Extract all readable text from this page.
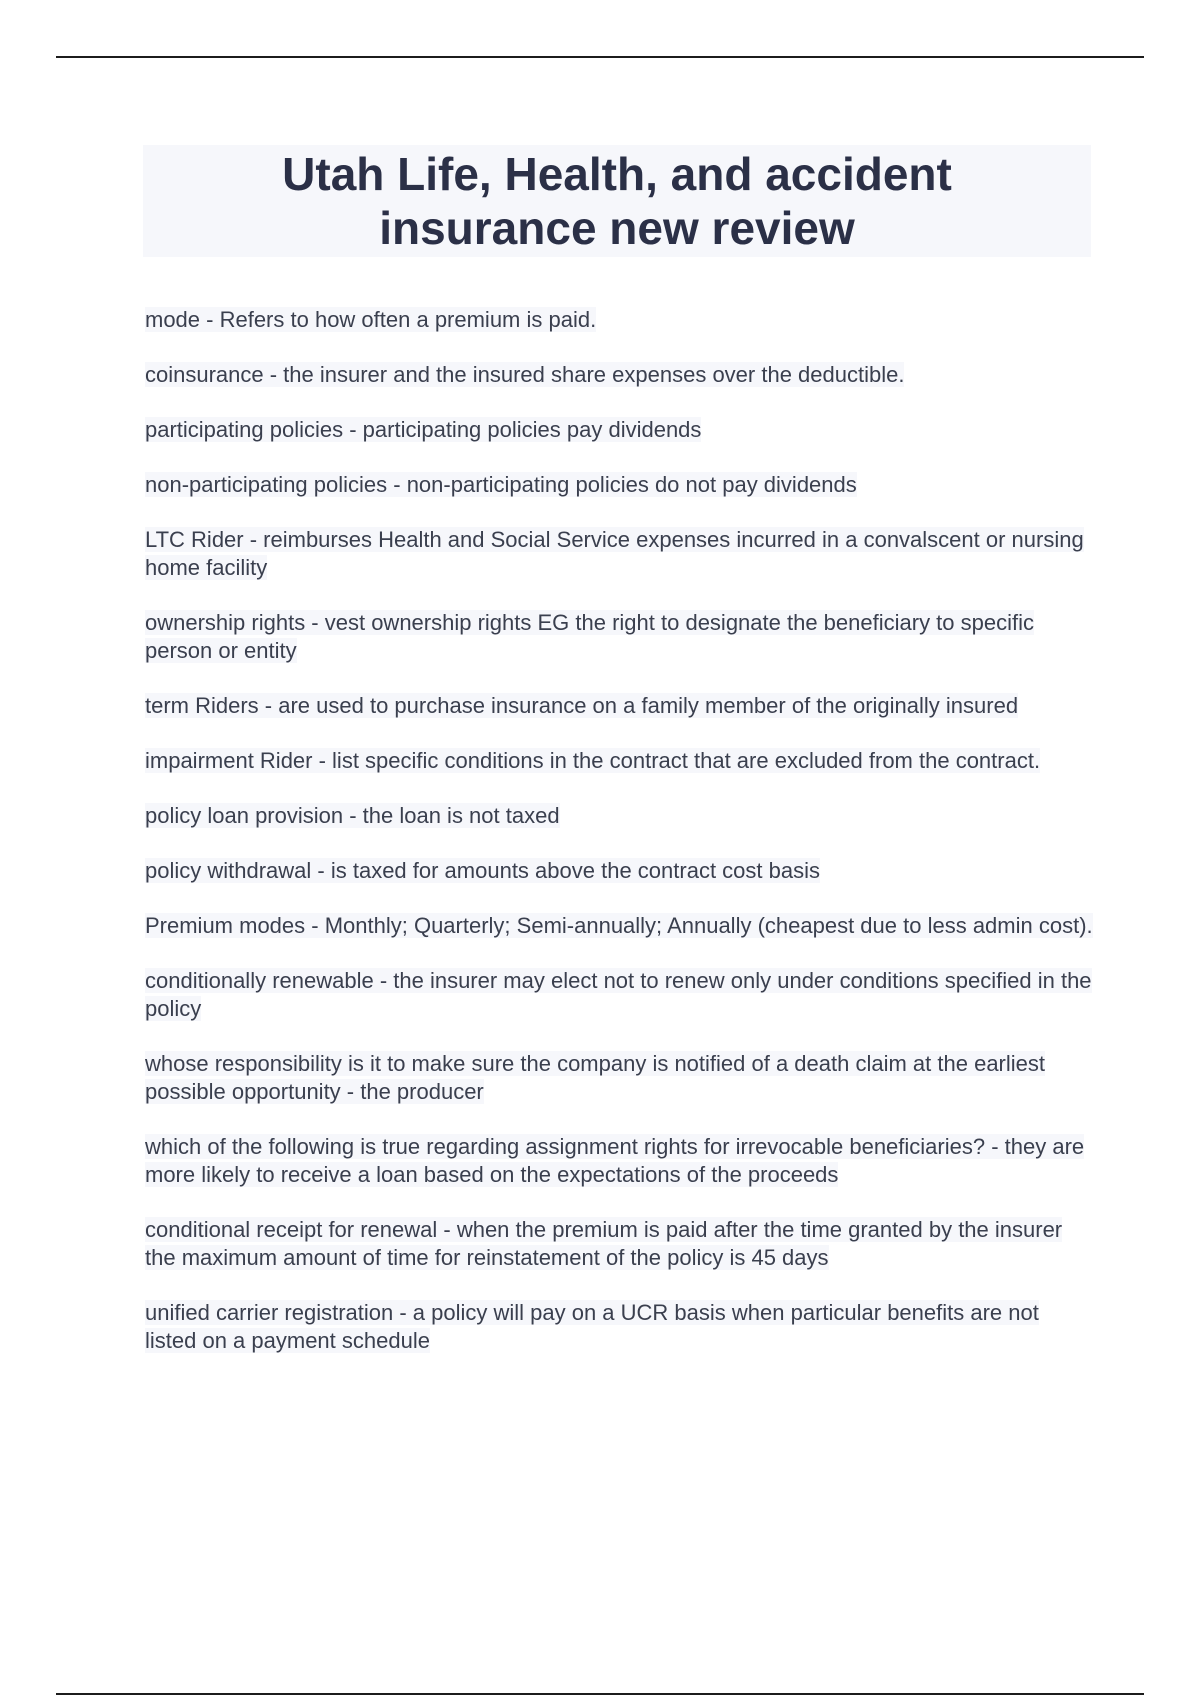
Utah Life, Health, and accident insurance new review

mode - Refers to how often a premium is paid.

coinsurance - the insurer and the insured share expenses over the deductible.

participating policies - participating policies pay dividends

non-participating policies - non-participating policies do not pay dividends

LTC Rider - reimburses Health and Social Service expenses incurred in a convalscent or nursing home facility

ownership rights - vest ownership rights EG the right to designate the beneficiary to specific person or entity

term Riders - are used to purchase insurance on a family member of the originally insured

impairment Rider - list specific conditions in the contract that are excluded from the contract.

policy loan provision - the loan is not taxed

policy withdrawal - is taxed for amounts above the contract cost basis

Premium modes - Monthly; Quarterly; Semi-annually; Annually (cheapest due to less admin cost).

conditionally renewable - the insurer may elect not to renew only under conditions specified in the policy

whose responsibility is it to make sure the company is notified of a death claim at the earliest possible opportunity - the producer

which of the following is true regarding assignment rights for irrevocable beneficiaries? - they are more likely to receive a loan based on the expectations of the proceeds

conditional receipt for renewal - when the premium is paid after the time granted by the insurer the maximum amount of time for reinstatement of the policy is 45 days

unified carrier registration - a policy will pay on a UCR basis when particular benefits are not listed on a payment schedule
